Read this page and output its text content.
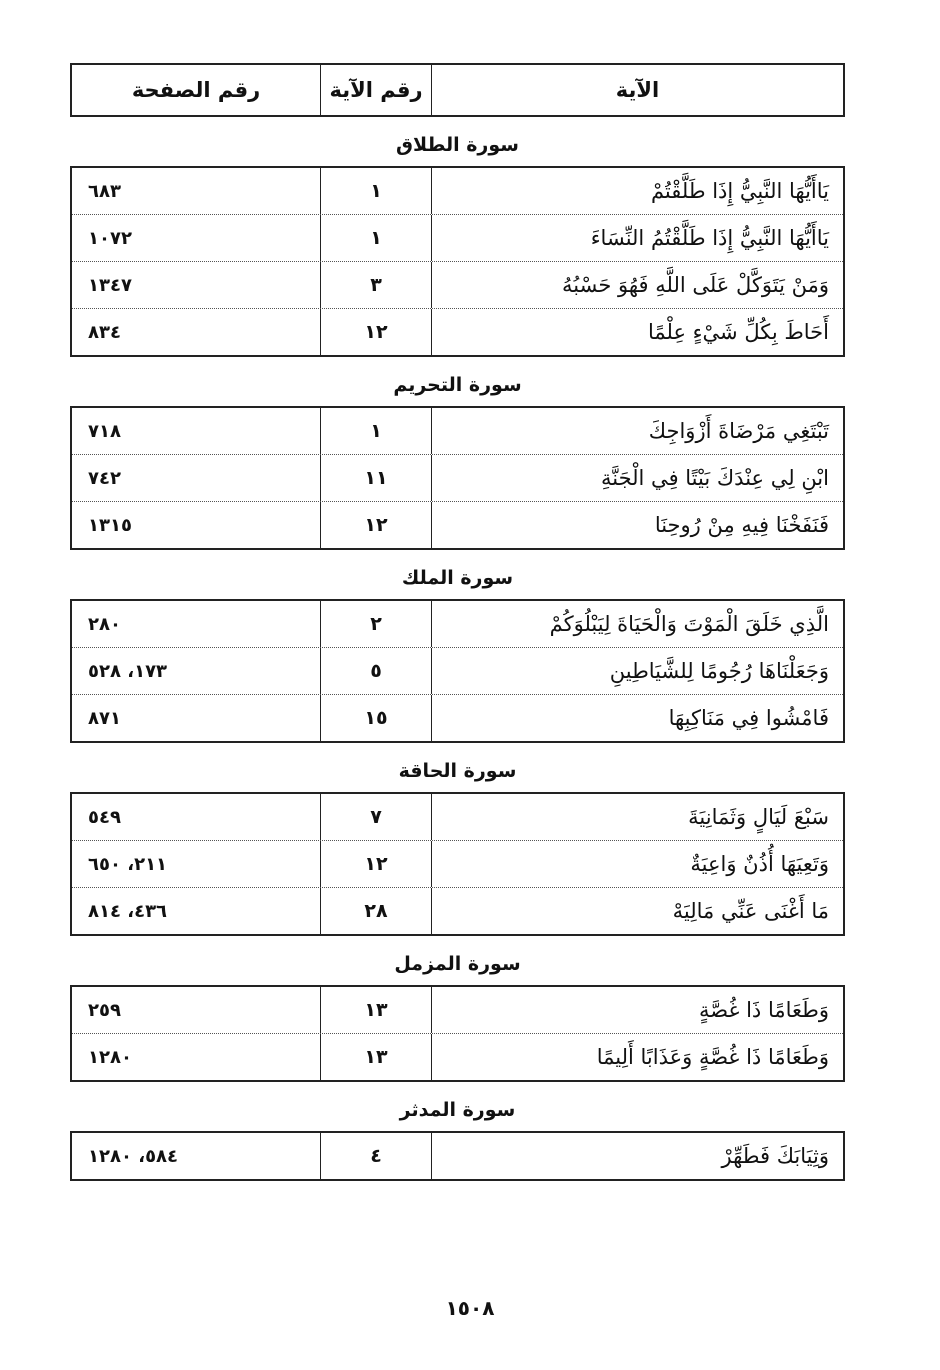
الآية
رقم الآية
رقم الصفحة
سورة الطلاق
يَاأَيُّهَا النَّبِيُّ إِذَا طَلَّقْتُمْ
١
٦٨٣
يَاأَيُّهَا النَّبِيُّ إِذَا طَلَّقْتُمُ النِّسَاءَ
١
١٠٧٢
وَمَنْ يَتَوَكَّلْ عَلَى اللَّهِ فَهُوَ حَسْبُهُ
٣
١٣٤٧
أَحَاطَ بِكُلِّ شَيْءٍ عِلْمًا
١٢
٨٣٤
سورة التحريم
تَبْتَغِي مَرْضَاةَ أَزْوَاجِكَ
١
٧١٨
ابْنِ لِي عِنْدَكَ بَيْتًا فِي الْجَنَّةِ
١١
٧٤٢
فَنَفَخْنَا فِيهِ مِنْ رُوحِنَا
١٢
١٣١٥
سورة الملك
الَّذِي خَلَقَ الْمَوْتَ وَالْحَيَاةَ لِيَبْلُوَكُمْ
٢
٢٨٠
وَجَعَلْنَاهَا رُجُومًا لِلشَّيَاطِينِ
٥
١٧٣، ٥٢٨
فَامْشُوا فِي مَنَاكِبِهَا
١٥
٨٧١
سورة الحاقة
سَبْعَ لَيَالٍ وَثَمَانِيَةَ
٧
٥٤٩
وَتَعِيَهَا أُذُنٌ وَاعِيَةٌ
١٢
٢١١، ٦٥٠
مَا أَغْنَى عَنِّي مَالِيَهْ
٢٨
٤٣٦، ٨١٤
سورة المزمل
وَطَعَامًا ذَا غُصَّةٍ
١٣
٢٥٩
وَطَعَامًا ذَا غُصَّةٍ وَعَذَابًا أَلِيمًا
١٣
١٢٨٠
سورة المدثر
وَثِيَابَكَ فَطَهِّرْ
٤
٥٨٤، ١٢٨٠
١٥٠٨
